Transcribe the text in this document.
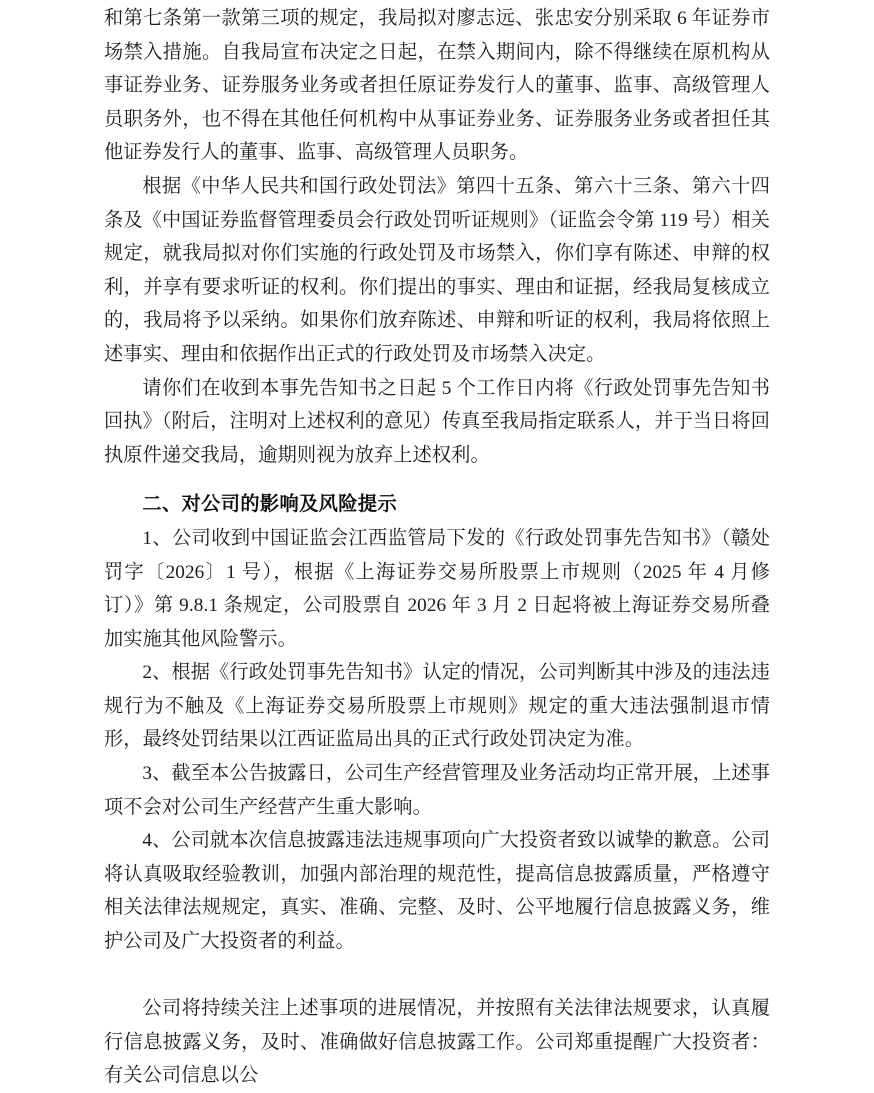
和第七条第一款第三项的规定，我局拟对廖志远、张忠安分别采取 6 年证券市场禁入措施。自我局宣布决定之日起，在禁入期间内，除不得继续在原机构从事证券业务、证券服务业务或者担任原证券发行人的董事、监事、高级管理人员职务外，也不得在其他任何机构中从事证券业务、证券服务业务或者担任其他证券发行人的董事、监事、高级管理人员职务。

根据《中华人民共和国行政处罚法》第四十五条、第六十三条、第六十四条及《中国证券监督管理委员会行政处罚听证规则》（证监会令第 119 号）相关规定，就我局拟对你们实施的行政处罚及市场禁入，你们享有陈述、申辩的权利，并享有要求听证的权利。你们提出的事实、理由和证据，经我局复核成立的，我局将予以采纳。如果你们放弃陈述、申辩和听证的权利，我局将依照上述事实、理由和依据作出正式的行政处罚及市场禁入决定。

请你们在收到本事先告知书之日起 5 个工作日内将《行政处罚事先告知书回执》（附后，注明对上述权利的意见）传真至我局指定联系人，并于当日将回执原件递交我局，逾期则视为放弃上述权利。

二、对公司的影响及风险提示

1、公司收到中国证监会江西监管局下发的《行政处罚事先告知书》（赣处罚字〔2026〕1 号），根据《上海证券交易所股票上市规则（2025 年 4 月修订）》第 9.8.1 条规定，公司股票自 2026 年 3 月 2 日起将被上海证券交易所叠加实施其他风险警示。

2、根据《行政处罚事先告知书》认定的情况，公司判断其中涉及的违法违规行为不触及《上海证券交易所股票上市规则》规定的重大违法强制退市情形，最终处罚结果以江西证监局出具的正式行政处罚决定为准。

3、截至本公告披露日，公司生产经营管理及业务活动均正常开展，上述事项不会对公司生产经营产生重大影响。

4、公司就本次信息披露违法违规事项向广大投资者致以诚挚的歉意。公司将认真吸取经验教训，加强内部治理的规范性，提高信息披露质量，严格遵守相关法律法规规定，真实、准确、完整、及时、公平地履行信息披露义务，维护公司及广大投资者的利益。

公司将持续关注上述事项的进展情况，并按照有关法律法规要求，认真履行信息披露义务，及时、准确做好信息披露工作。公司郑重提醒广大投资者：有关公司信息以公
